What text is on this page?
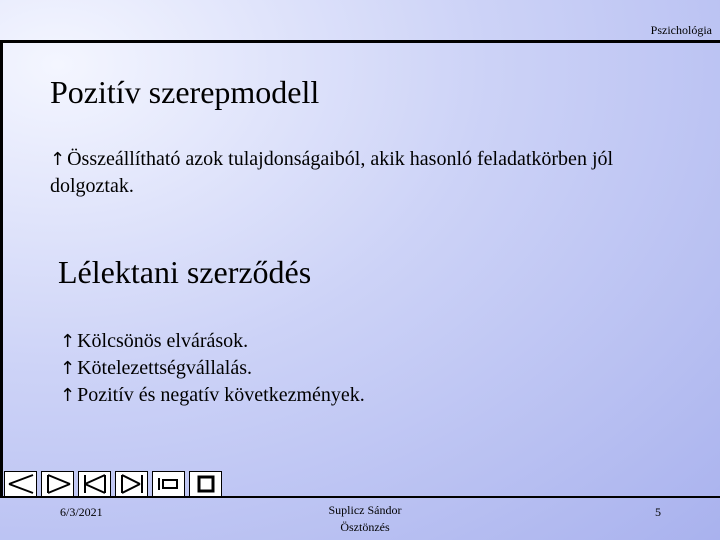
Pszichológia
Pozitív szerepmodell
↑ Összeállítható azok tulajdonságaiból, akik hasonló feladatkörben jól dolgoztak.
Lélektani szerződés
↑ Kölcsönös elvárások.
↑ Kötelezettségvállalás.
↑ Pozitív és negatív következmények.
6/3/2021	Suplicz Sándor
Ösztönzés
5
